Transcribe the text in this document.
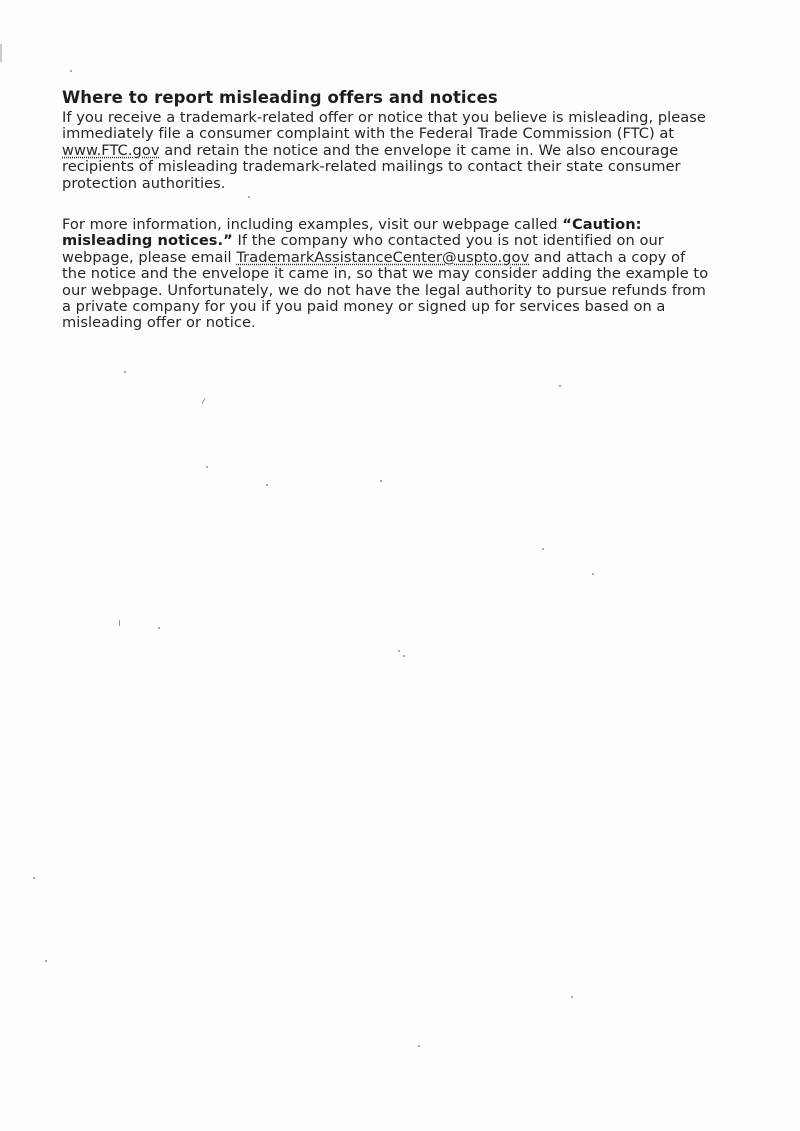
Where to report misleading offers and notices

If you receive a trademark-related offer or notice that you believe is misleading, please immediately file a consumer complaint with the Federal Trade Commission (FTC) at www.FTC.gov and retain the notice and the envelope it came in. We also encourage recipients of misleading trademark-related mailings to contact their state consumer protection authorities.

For more information, including examples, visit our webpage called “Caution: misleading notices.” If the company who contacted you is not identified on our webpage, please email TrademarkAssistanceCenter@uspto.gov and attach a copy of the notice and the envelope it came in, so that we may consider adding the example to our webpage. Unfortunately, we do not have the legal authority to pursue refunds from a private company for you if you paid money or signed up for services based on a misleading offer or notice.
